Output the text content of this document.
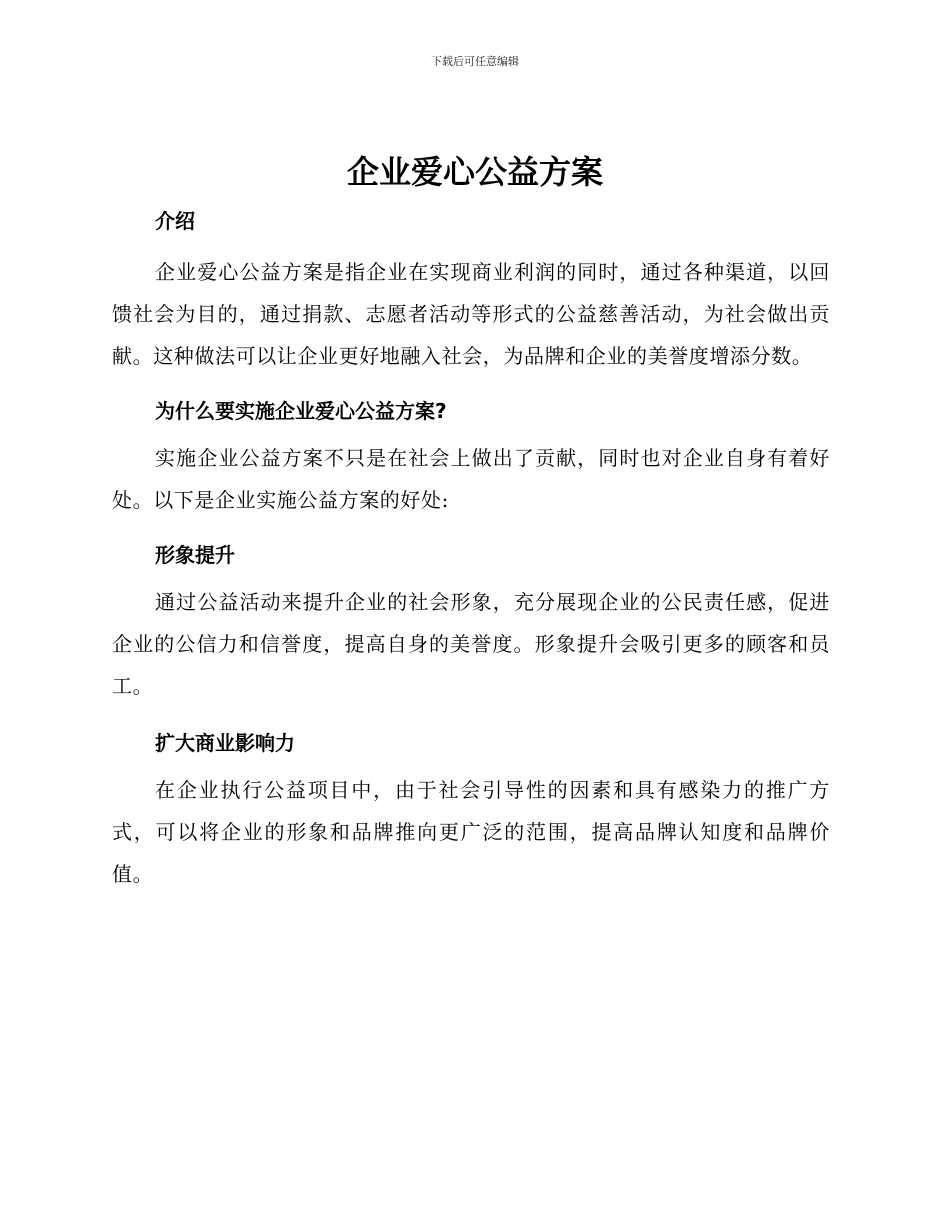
下载后可任意编辑
企业爱心公益方案
介绍

企业爱心公益方案是指企业在实现商业利润的同时，通过各种渠道，以回馈社会为目的，通过捐款、志愿者活动等形式的公益慈善活动，为社会做出贡献。这种做法可以让企业更好地融入社会，为品牌和企业的美誉度增添分数。

为什么要实施企业爱心公益方案?

实施企业公益方案不只是在社会上做出了贡献，同时也对企业自身有着好处。以下是企业实施公益方案的好处:

形象提升

通过公益活动来提升企业的社会形象，充分展现企业的公民责任感，促进企业的公信力和信誉度，提高自身的美誉度。形象提升会吸引更多的顾客和员工。

扩大商业影响力

在企业执行公益项目中，由于社会引导性的因素和具有感染力的推广方式，可以将企业的形象和品牌推向更广泛的范围，提高品牌认知度和品牌价值。
